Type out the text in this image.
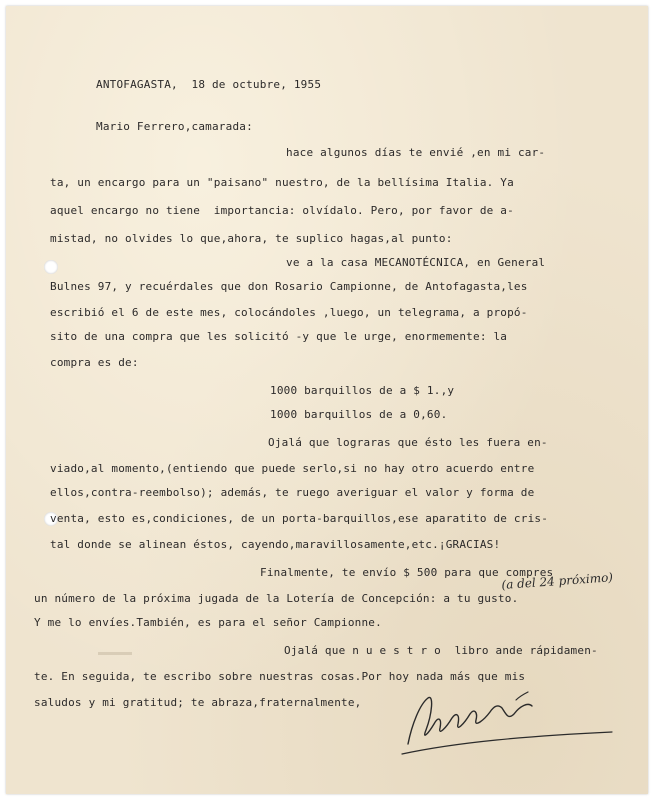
ANTOFAGASTA,  18 de octubre, 1955
Mario Ferrero,camarada:
hace algunos días te envié ,en mi car-
ta, un encargo para un "paisano" nuestro, de la bellísima Italia. Ya
aquel encargo no tiene  importancia: olvídalo. Pero, por favor de a-
mistad, no olvides lo que,ahora, te suplico hagas,al punto:
ve a la casa MECANOTÉCNICA, en General
Bulnes 97, y recuérdales que don Rosario Campionne, de Antofagasta,les
escribió el 6 de este mes, colocándoles ,luego, un telegrama, a propó-
sito de una compra que les solicitó -y que le urge, enormemente: la
compra es de:
1000 barquillos de a $ 1.,y
1000 barquillos de a 0,60.
Ojalá que lograras que ésto les fuera en-
viado,al momento,(entiendo que puede serlo,si no hay otro acuerdo entre
ellos,contra-reembolso); además, te ruego averiguar el valor y forma de
venta, esto es,condiciones, de un porta-barquillos,ese aparatito de cris-
tal donde se alinean éstos, cayendo,maravillosamente,etc.¡GRACIAS!
Finalmente, te envío $ 500 para que compres
(a del 24 próximo)
un número de la próxima jugada de la Lotería de Concepción: a tu gusto.
Y me lo envíes.También, es para el señor Campionne.
Ojalá que n u e s t r o  libro ande rápidamen-
te. En seguida, te escribo sobre nuestras cosas.Por hoy nada más que mis
saludos y mi gratitud; te abraza,fraternalmente,
